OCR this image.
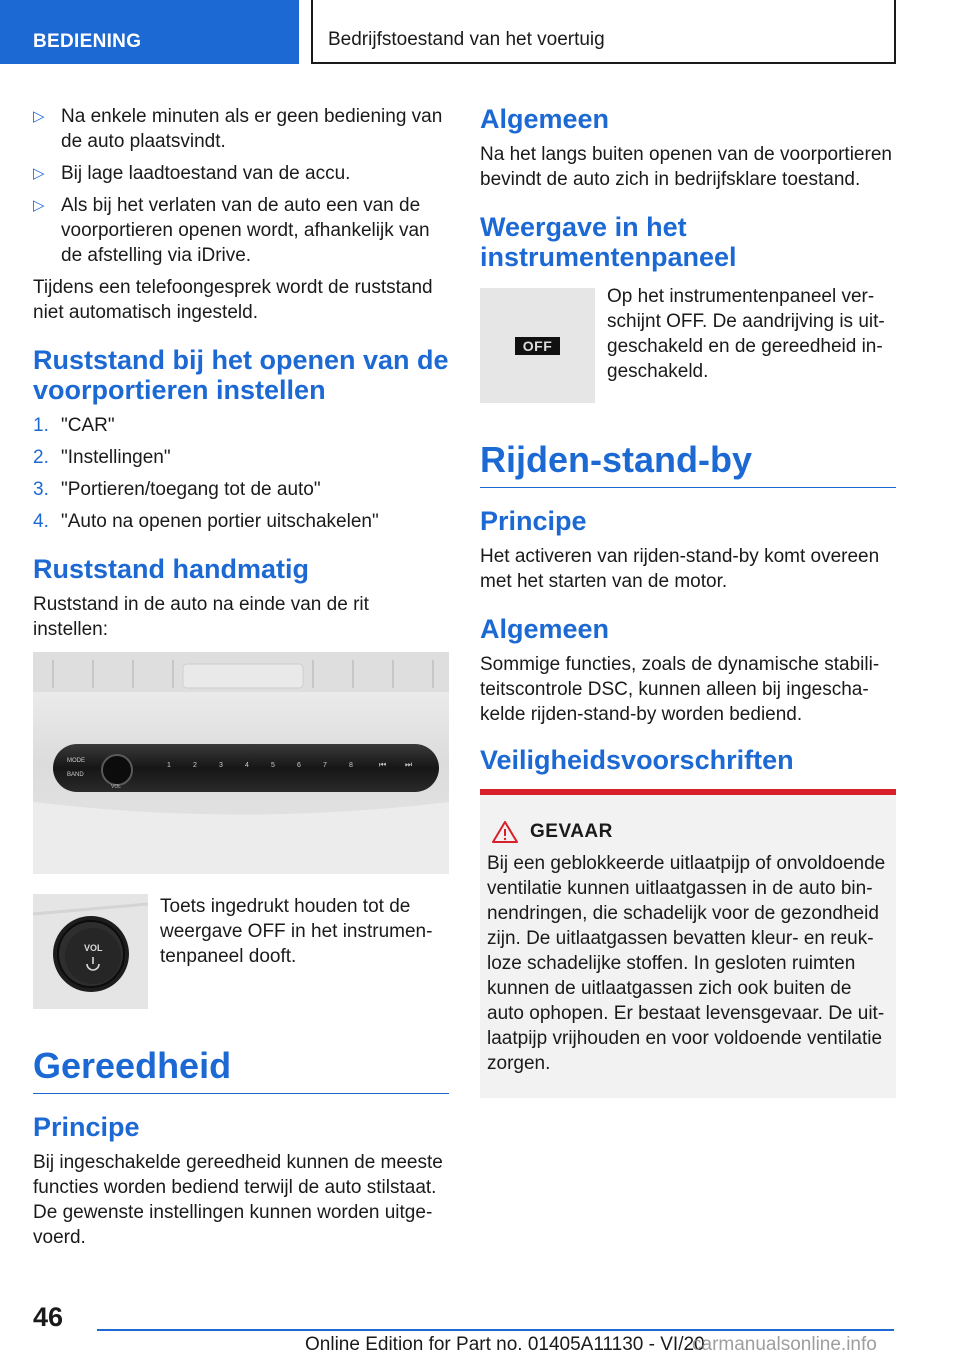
BEDIENING	Bedrijfstoestand van het voertuig
▷ Na enkele minuten als er geen bediening van de auto plaatsvindt.
▷ Bij lage laadtoestand van de accu.
▷ Als bij het verlaten van de auto een van de voorportieren openen wordt, afhankelijk van de afstelling via iDrive.

Tijdens een telefoongesprek wordt de ruststand niet automatisch ingesteld.

Ruststand bij het openen van de voorportieren instellen
1. "CAR"
2. "Instellingen"
3. "Portieren/toegang tot de auto"
4. "Auto na openen portier uitschakelen"
Ruststand handmatig

Ruststand in de auto na einde van de rit instellen:

MODE
BAND
VOL
1	2	3	4	5	6	7	8	⏮ ⏭
VOL

Toets ingedrukt houden tot de weergave OFF in het instrumentenpaneel dooft.

Gereedheid
Principe

Bij ingeschakelde gereedheid kunnen de meeste functies worden bediend terwijl de auto stilstaat. De gewenste instellingen kunnen worden uitgevoerd.

Algemeen

Na het langs buiten openen van de voorportieren bevindt de auto zich in bedrijfsklare toestand.

Weergave in het instrumentenpaneel
OFF

Op het instrumentenpaneel verschijnt OFF. De aandrijving is uitgeschakeld en de gereedheid ingeschakeld.

Rijden-stand-by
Principe

Het activeren van rijden-stand-by komt overeen met het starten van de motor.

Algemeen

Sommige functies, zoals de dynamische stabiliteitscontrole DSC, kunnen alleen bij ingeschakelde rijden-stand-by worden bediend.

Veiligheidsvoorschriften
GEVAAR

Bij een geblokkeerde uitlaatpijp of onvoldoende ventilatie kunnen uitlaatgassen in de auto binnendringen, die schadelijk voor de gezondheid zijn. De uitlaatgassen bevatten kleur- en reukloze schadelijke stoffen. In gesloten ruimten kunnen de uitlaatgassen zich ook buiten de auto ophopen. Er bestaat levensgevaar. De uitlaatpijp vrijhouden en voor voldoende ventilatie zorgen.

46
Online Edition for Part no. 01405A11130 - VI/20
carmanualsonline.info
